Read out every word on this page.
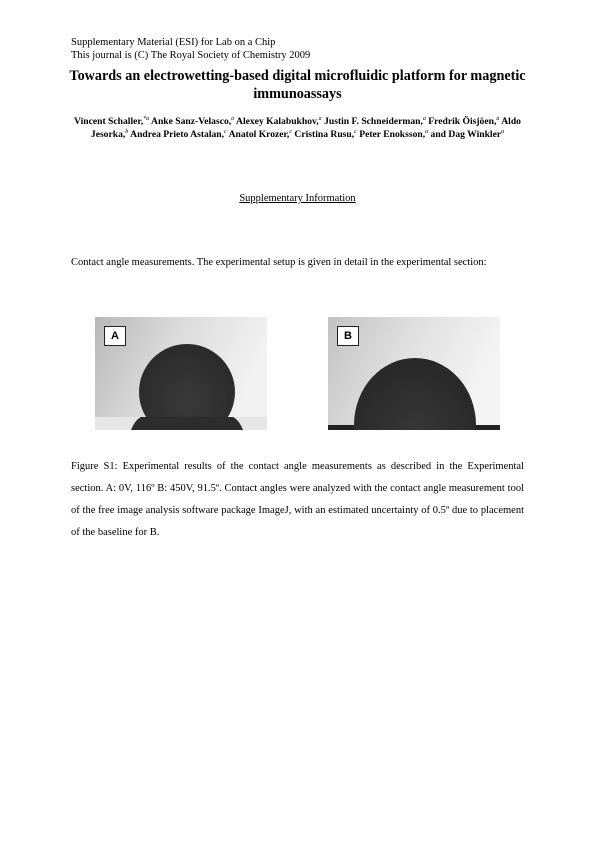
Supplementary Material (ESI) for Lab on a Chip
This journal is (C) The Royal Society of Chemistry 2009
Towards an electrowetting-based digital microfluidic platform for magnetic immunoassays
Vincent Schaller,$^{*a}$ Anke Sanz-Velasco,$^a$ Alexey Kalabukhov,$^a$ Justin F. Schneiderman,$^a$ Fredrik Öisjöen,$^a$ Aldo Jesorka,$^b$ Andrea Prieto Astalan,$^c$ Anatol Krozer,$^c$ Cristina Rusu,$^c$ Peter Enoksson,$^a$ and Dag Winkler$^a$
Supplementary Information
Contact angle measurements. The experimental setup is given in detail in the experimental section:
A	B
Figure S1: Experimental results of the contact angle measurements as described in the Experimental section. A: 0V, 116º B: 450V, 91.5º. Contact angles were analyzed with the contact angle measurement tool of the free image analysis software package ImageJ, with an estimated uncertainty of 0.5º due to placement of the baseline for B.
